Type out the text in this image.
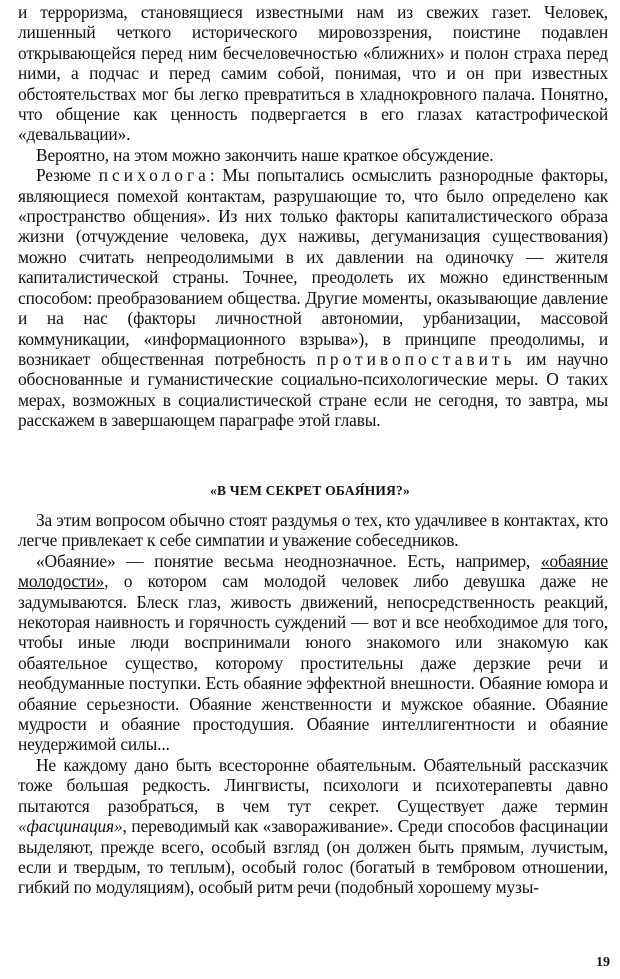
и терроризма, становящиеся известными нам из свежих газет. Человек, лишенный четкого исторического мировоззрения, поистине подавлен открывающейся перед ним бесчеловечностью «ближних» и полон страха перед ними, а подчас и перед самим собой, понимая, что и он при известных обстоятельствах мог бы легко превратиться в хладнокровного палача. Понятно, что общение как ценность подвергается в его глазах катастрофической «девальвации».

Вероятно, на этом можно закончить наше краткое обсуждение.

Резюме психолога: Мы попытались осмыслить разнородные факторы, являющиеся помехой контактам, разрушающие то, что было определено как «пространство общения». Из них только факторы капиталистического образа жизни (отчуждение человека, дух наживы, дегуманизация существования) можно считать непреодолимыми в их давлении на одиночку — жителя капиталистической страны. Точнее, преодолеть их можно единственным способом: преобразованием общества. Другие моменты, оказывающие давление и на нас (факторы личностной автономии, урбанизации, массовой коммуникации, «информационного взрыва»), в принципе преодолимы, и возникает общественная потребность противопоставить им научно обоснованные и гуманистические социально-психологические меры. О таких мерах, возможных в социалистической стране если не сегодня, то завтра, мы расскажем в завершающем параграфе этой главы.

«В ЧЕМ СЕКРЕТ ОБАЯ́НИЯ?»

За этим вопросом обычно стоят раздумья о тех, кто удачливее в контактах, кто легче привлекает к себе симпатии и уважение собеседников.

«Обаяние» — понятие весьма неоднозначное. Есть, например, «обаяние молодости», о котором сам молодой человек либо девушка даже не задумываются. Блеск глаз, живость движений, непосредственность реакций, некоторая наивность и горячность суждений — вот и все необходимое для того, чтобы иные люди воспринимали юного знакомого или знакомую как обаятельное существо, которому простительны даже дерзкие речи и необдуманные поступки. Есть обаяние эффектной внешности. Обаяние юмора и обаяние серьезности. Обаяние женственности и мужское обаяние. Обаяние мудрости и обаяние простодушия. Обаяние интеллигентности и обаяние неудержимой силы...

Не каждому дано быть всесторонне обаятельным. Обаятельный рассказчик тоже большая редкость. Лингвисты, психологи и психотерапевты давно пытаются разобраться, в чем тут секрет. Существует даже термин «фасцинация», переводимый как «завораживание». Среди способов фасцинации выделяют, прежде всего, особый взгляд (он должен быть прямым, лучистым, если и твердым, то теплым), особый голос (богатый в тембровом отношении, гибкий по модуляциям), особый ритм речи (подобный хорошему музы-

19
